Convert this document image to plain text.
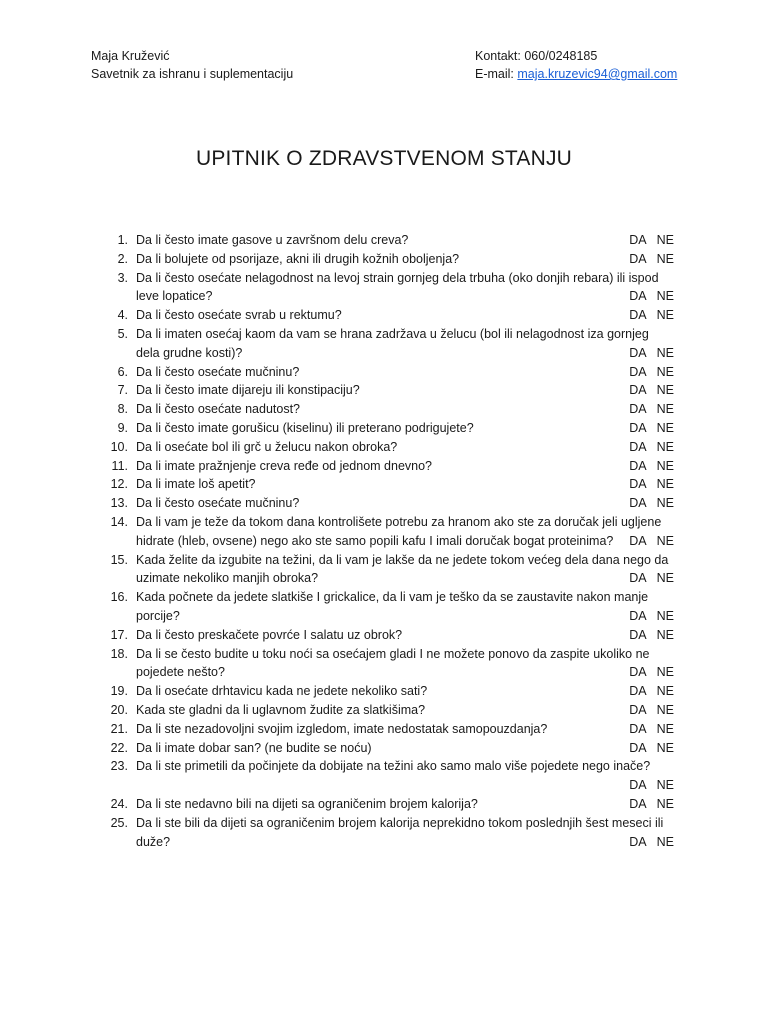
Maja Kružević
Savetnik za ishranu i suplementaciju
Kontakt: 060/0248185
E-mail: maja.kruzevic94@gmail.com
UPITNIK O ZDRAVSTVENOM STANJU
1. Da li često imate gasove u završnom delu creva?	DA NE
2. Da li bolujete od psorijaze, akni ili drugih kožnih oboljenja?	DA NE
3. Da li često osećate nelagodnost na levoj strain gornjeg dela trbuha (oko donjih rebara) ili ispod leve lopatice?	DA NE
4. Da li često osećate svrab u rektumu?	DA NE
5. Da li imaten osećaj kaom da vam se hrana zadržava u želucu (bol ili nelagodnost iza gornjeg dela grudne kosti)?	DA NE
6. Da li često osećate mučninu?	DA NE
7. Da li često imate dijareju ili konstipaciju?	DA NE
8. Da li često osećate nadutost?	DA NE
9. Da li često imate gorušicu (kiselinu) ili preterano podrigujete?	DA NE
10. Da li osećate bol ili grč u želucu nakon obroka?	DA NE
11. Da li imate pražnjenje creva ređe od jednom dnevno?	DA NE
12. Da li imate loš apetit?	DA NE
13. Da li često osećate mučninu?	DA NE
14. Da li vam je teže da tokom dana kontrolišete potrebu za hranom ako ste za doručak jeli ugljene hidrate (hleb, ovsene) nego ako ste samo popili kafu I imali doručak bogat proteinima? DA NE
15. Kada želite da izgubite na težini, da li vam je lakše da ne jedete tokom većeg dela dana nego da uzimate nekoliko manjih obroka?	DA NE
16. Kada počnete da jedete slatkiše I grickalice, da li vam je teško da se zaustavite nakon manje porcije?	DA NE
17. Da li često preskačete povrće I salatu uz obrok?	DA NE
18. Da li se često budite u toku noći sa osećajem gladi I ne možete ponovo da zaspite ukoliko ne pojedete nešto?	DA NE
19. Da li osećate drhtavicu kada ne jedete nekoliko sati?	DA NE
20. Kada ste gladni da li uglavnom žudite za slatkišima?	DA NE
21. Da li ste nezadovoljni svojim izgledom, imate nedostatak samopouzdanja?	DA NE
22. Da li imate dobar san? (ne budite se noću)	DA NE
23. Da li ste primetili da počinjete da dobijate na težini ako samo malo više pojedete nego inače?
DA NE
24. Da li ste nedavno bili na dijeti sa ograničenim brojem kalorija?	DA NE
25. Da li ste bili da dijeti sa ograničenim brojem kalorija neprekidno tokom poslednjih šest meseci ili duže?	DA NE
